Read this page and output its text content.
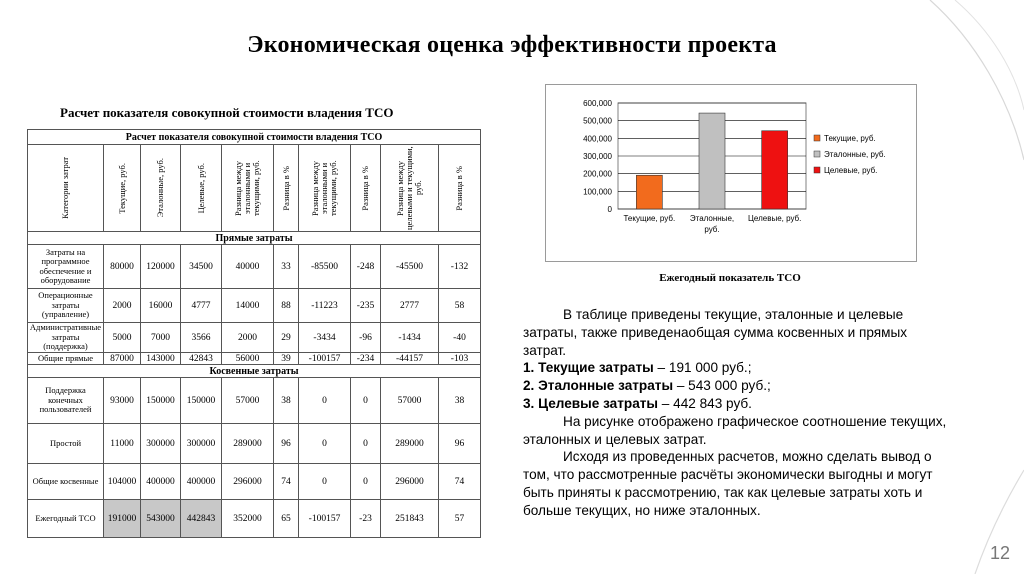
Экономическая оценка эффективности проекта
Расчет показателя совокупной стоимости владения ТСО
Расчет показателя совокупной стоимости владения ТСО									

Категории затрат	Текущие, руб.	Эталонные, руб.	Целевые, руб.	Разница между эталонными и текущими, руб.	Разница в %	Разница между эталонными и текущими, руб.	Разница в %	Разница между целевыми и текущими, руб.	Разница в %

Прямые затраты									
Затраты на программное обеспечение и оборудование	80000	120000	34500	40000	33	-85500	-248	-45500	-132
Операционные затраты (управление)	2000	16000	4777	14000	88	-11223	-235	2777	58
Административные затраты (поддержка)	5000	7000	3566	2000	29	-3434	-96	-1434	-40
Общие прямые	87000	143000	42843	56000	39	-100157	-234	-44157	-103
Косвенные затраты									
Поддержка конечных пользователей	93000	150000	150000	57000	38	0	0	57000	38
Простой	11000	300000	300000	289000	96	0	0	289000	96
Общие косвенные	104000	400000	400000	296000	74	0	0	296000	74
Ежегодный ТСО	191000	543000	442843	352000	65	-100157	-23	251843	57
0
100,000
200,000
300,000
400,000
500,000
600,000
Текущие, руб. Эталонные,
руб.
Целевые, руб.
Текущие, руб.
Эталонные, руб.
Целевые, руб.
Ежегодный показатель ТСО

В таблице приведены текущие, эталонные и целевые затраты, также приведенаобщая сумма косвенных и прямых затрат.

1. Текущие затраты – 191 000 руб.;

2. Эталонные затраты – 543 000 руб.;

3. Целевые затраты – 442 843 руб.

На рисунке отображено графическое соотношение текущих, эталонных и целевых затрат.

Исходя из проведенных расчетов, можно сделать вывод о том, что рассмотренные расчёты экономически выгодны и могут быть приняты к рассмотрению, так как целевые затраты хоть и больше текущих, но ниже эталонных.

12
